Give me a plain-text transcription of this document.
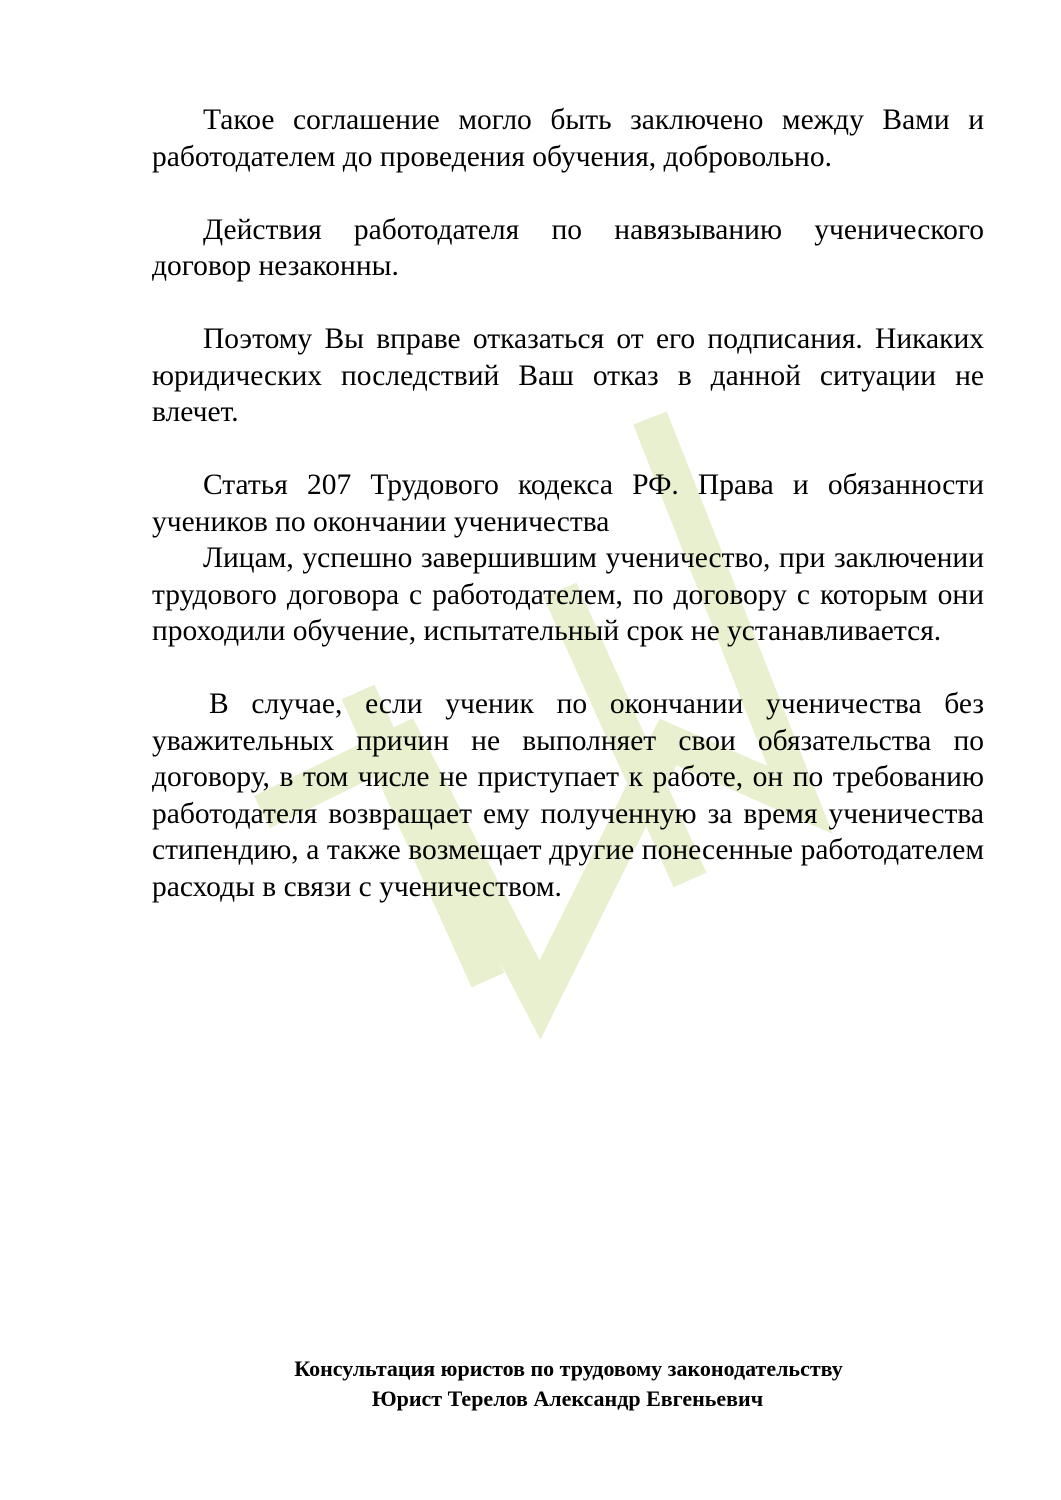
Такое соглашение могло быть заключено между Вами и работодателем до проведения обучения, добровольно.

Действия работодателя по навязыванию ученического договор незаконны.

Поэтому Вы вправе отказаться от его подписания. Никаких юридических последствий Ваш отказ в данной ситуации не влечет.

Статья 207 Трудового кодекса РФ. Права и обязанности учеников по окончании ученичества

Лицам, успешно завершившим ученичество, при заключении трудового договора с работодателем, по договору с которым они проходили обучение, испытательный срок не устанавливается.

В случае, если ученик по окончании ученичества без уважительных причин не выполняет свои обязательства по договору, в том числе не приступает к работе, он по требованию работодателя возвращает ему полученную за время ученичества стипендию, а также возмещает другие понесенные работодателем расходы в связи с ученичеством.

Консультация юристов по трудовому законодательству
Юрист Терелов Александр Евгеньевич
